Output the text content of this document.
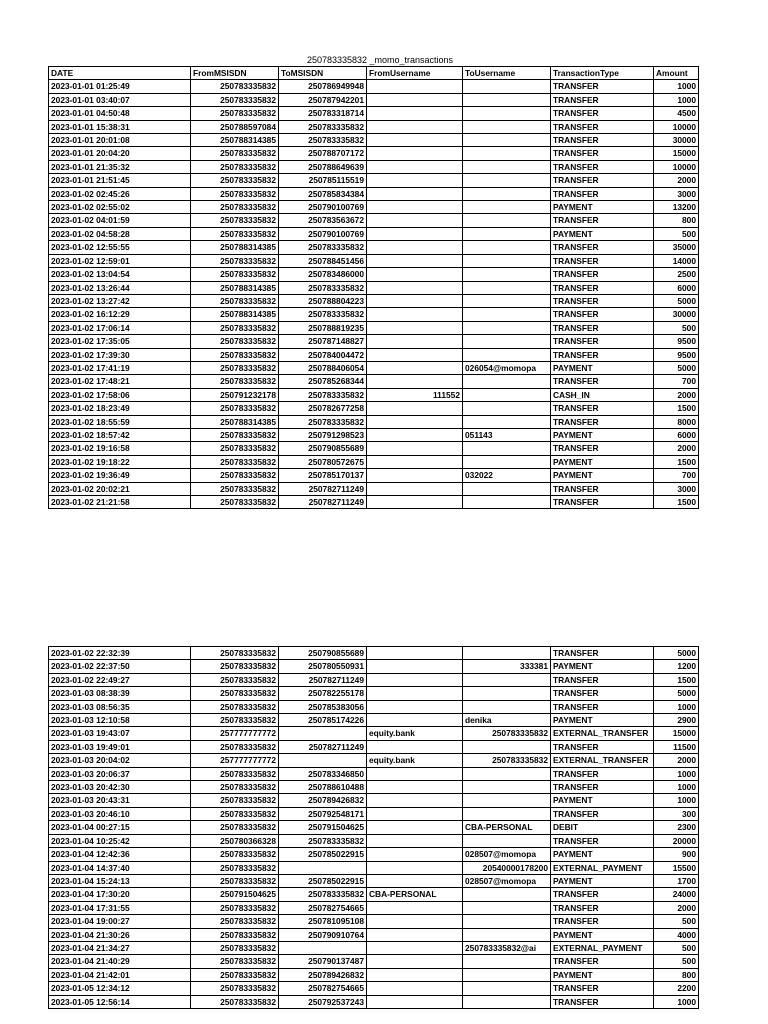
250783335832 _momo_transactions
DATE	FromMSISDN	ToMSISDN	FromUsername	ToUsername	TransactionType	Amount
2023-01-01 01:25:49	250783335832	250786949948			TRANSFER	1000
2023-01-01 03:40:07	250783335832	250787942201			TRANSFER	1000
2023-01-01 04:50:48	250783335832	250783318714			TRANSFER	4500
2023-01-01 15:38:31	250788597084	250783335832			TRANSFER	10000
2023-01-01 20:01:08	250788314385	250783335832			TRANSFER	30000
2023-01-01 20:04:20	250783335832	250788707172			TRANSFER	15000
2023-01-01 21:35:32	250783335832	250788649639			TRANSFER	10000
2023-01-01 21:51:45	250783335832	250785115519			TRANSFER	2000
2023-01-02 02:45:26	250783335832	250785834384			TRANSFER	3000
2023-01-02 02:55:02	250783335832	250790100769			PAYMENT	13200
2023-01-02 04:01:59	250783335832	250783563672			TRANSFER	800
2023-01-02 04:58:28	250783335832	250790100769			PAYMENT	500
2023-01-02 12:55:55	250788314385	250783335832			TRANSFER	35000
2023-01-02 12:59:01	250783335832	250788451456			TRANSFER	14000
2023-01-02 13:04:54	250783335832	250783486000			TRANSFER	2500
2023-01-02 13:26:44	250788314385	250783335832			TRANSFER	6000
2023-01-02 13:27:42	250783335832	250788804223			TRANSFER	5000
2023-01-02 16:12:29	250788314385	250783335832			TRANSFER	30000
2023-01-02 17:06:14	250783335832	250788819235			TRANSFER	500
2023-01-02 17:35:05	250783335832	250787148827			TRANSFER	9500
2023-01-02 17:39:30	250783335832	250784004472			TRANSFER	9500
2023-01-02 17:41:19	250783335832	250788406054		026054@momopa	PAYMENT	5000
2023-01-02 17:48:21	250783335832	250785268344			TRANSFER	700
2023-01-02 17:58:06	250791232178	250783335832	111552		CASH_IN	2000
2023-01-02 18:23:49	250783335832	250782677258			TRANSFER	1500
2023-01-02 18:55:59	250788314385	250783335832			TRANSFER	8000
2023-01-02 18:57:42	250783335832	250791298523		051143	PAYMENT	6000
2023-01-02 19:16:58	250783335832	250790855689			TRANSFER	2000
2023-01-02 19:18:22	250783335832	250780572675			PAYMENT	1500
2023-01-02 19:36:49	250783335832	250785170137		032022	PAYMENT	700
2023-01-02 20:02:21	250783335832	250782711249			TRANSFER	3000
2023-01-02 21:21:58	250783335832	250782711249			TRANSFER	1500
2023-01-02 22:32:39	250783335832	250790855689			TRANSFER	5000
2023-01-02 22:37:50	250783335832	250780550931		333381	PAYMENT	1200
2023-01-02 22:49:27	250783335832	250782711249			TRANSFER	1500
2023-01-03 08:38:39	250783335832	250782255178			TRANSFER	5000
2023-01-03 08:56:35	250783335832	250785383056			TRANSFER	1000
2023-01-03 12:10:58	250783335832	250785174226		denika	PAYMENT	2900
2023-01-03 19:43:07	257777777772		equity.bank	250783335832	EXTERNAL_TRANSFER	15000
2023-01-03 19:49:01	250783335832	250782711249			TRANSFER	11500
2023-01-03 20:04:02	257777777772		equity.bank	250783335832	EXTERNAL_TRANSFER	2000
2023-01-03 20:06:37	250783335832	250783346850			TRANSFER	1000
2023-01-03 20:42:30	250783335832	250788610488			TRANSFER	1000
2023-01-03 20:43:31	250783335832	250789426832			PAYMENT	1000
2023-01-03 20:46:10	250783335832	250792548171			TRANSFER	300
2023-01-04 00:27:15	250783335832	250791504625		CBA-PERSONAL	DEBIT	2300
2023-01-04 10:25:42	250780366328	250783335832			TRANSFER	20000
2023-01-04 12:42:36	250783335832	250785022915		028507@momopa	PAYMENT	900
2023-01-04 14:37:40	250783335832			20540000178200	EXTERNAL_PAYMENT	15500
2023-01-04 15:24:13	250783335832	250785022915		028507@momopa	PAYMENT	1700
2023-01-04 17:30:20	250791504625	250783335832	CBA-PERSONAL		TRANSFER	24000
2023-01-04 17:31:55	250783335832	250782754665			TRANSFER	2000
2023-01-04 19:00:27	250783335832	250781095108			TRANSFER	500
2023-01-04 21:30:26	250783335832	250790910764			PAYMENT	4000
2023-01-04 21:34:27	250783335832			250783335832@ai	EXTERNAL_PAYMENT	500
2023-01-04 21:40:29	250783335832	250790137487			TRANSFER	500
2023-01-04 21:42:01	250783335832	250789426832			PAYMENT	800
2023-01-05 12:34:12	250783335832	250782754665			TRANSFER	2200
2023-01-05 12:56:14	250783335832	250792537243			TRANSFER	1000
